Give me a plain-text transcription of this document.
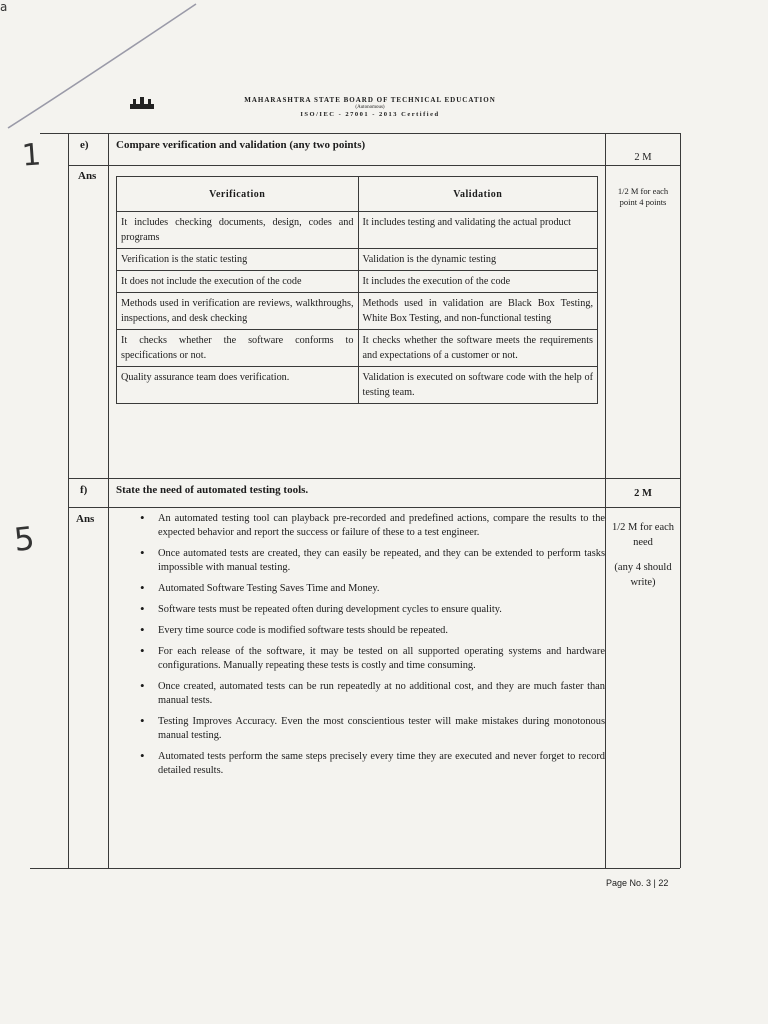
a
1
5
MAHARASHTRA STATE BOARD OF TECHNICAL EDUCATION
(Autonomous)
ISO/IEC - 27001 - 2013 Certified
e) Compare verification and validation (any two points)
2 M
Ans
1/2 M for each point 4 points
Verification	Validation
It includes checking documents, design, codes and programs	It includes testing and validating the actual product
Verification is the static testing	Validation is the dynamic testing
It does not include the execution of the code	It includes the execution of the code
Methods used in verification are reviews, walkthroughs, inspections, and desk checking	Methods used in validation are Black Box Testing, White Box Testing, and non-functional testing
It checks whether the software conforms to specifications or not.	It checks whether the software meets the requirements and expectations of a customer or not.
Quality assurance team does verification.	Validation is executed on software code with the help of testing team.
f)	State the need of automated testing tools.	2 M
Ans
1/2 M for each need
(any 4 should write)
• An automated testing tool can playback pre-recorded and predefined actions, compare the results to the expected behavior and report the success or failure of these to a test engineer.
• Once automated tests are created, they can easily be repeated, and they can be extended to perform tasks impossible with manual testing.
• Automated Software Testing Saves Time and Money.
• Software tests must be repeated often during development cycles to ensure quality.
• Every time source code is modified software tests should be repeated.
• For each release of the software, it may be tested on all supported operating systems and hardware configurations. Manually repeating these tests is costly and time consuming.
• Once created, automated tests can be run repeatedly at no additional cost, and they are much faster than manual tests.
• Testing Improves Accuracy. Even the most conscientious tester will make mistakes during monotonous manual testing.
• Automated tests perform the same steps precisely every time they are executed and never forget to record detailed results.
Page No. 3 | 22
